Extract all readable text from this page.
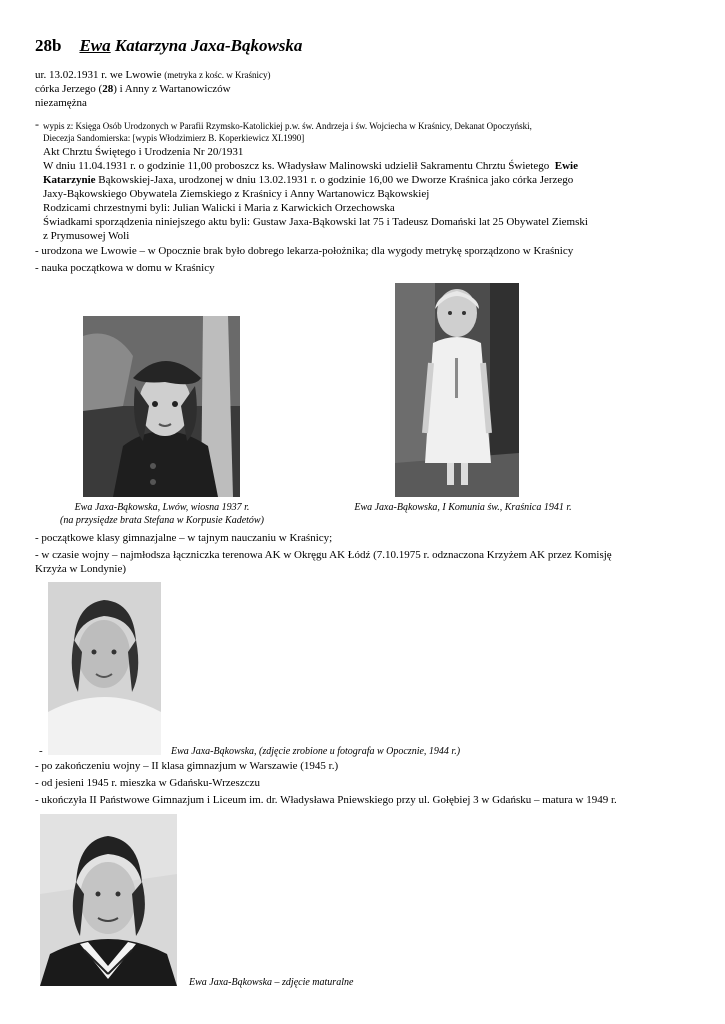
28b Ewa Katarzyna Jaxa-Bąkowska
ur. 13.02.1931 r. we Lwowie (metryka z kośc. w Kraśnicy)
córka Jerzego (28) i Anny z Wartanowiczów
niezamężna
- wypis z: Księga Osób Urodzonych w Parafii Rzymsko-Katolickiej p.w. św. Andrzeja i św. Wojciecha w Kraśnicy, Dekanat Opoczyński,
Diecezja Sandomierska: [wypis Włodzimierz B. Koperkiewicz XI.1990]
Akt Chrztu Świętego i Urodzenia Nr 20/1931
W dniu 11.04.1931 r. o godzinie 11,00 proboszcz ks. Władysław Malinowski udzielił Sakramentu Chrztu Świetego Ewie
Katarzynie Bąkowskiej-Jaxa, urodzonej w dniu 13.02.1931 r. o godzinie 16,00 we Dworze Kraśnica jako córka Jerzego
Jaxy-Bąkowskiego Obywatela Ziemskiego z Kraśnicy i Anny Wartanowicz Bąkowskiej
Rodzicami chrzestnymi byli: Julian Walicki i Maria z Karwickich Orzechowska
Świadkami sporządzenia niniejszego aktu byli: Gustaw Jaxa-Bąkowski lat 75 i Tadeusz Domański lat 25 Obywatel Ziemski
z Prymusowej Woli
- urodzona we Lwowie – w Opocznie brak było dobrego lekarza-położnika; dla wygody metrykę sporządzono w Kraśnicy
- nauka początkowa w domu w Kraśnicy
Ewa Jaxa-Bąkowska, Lwów, wiosna 1937 r.
(na przysiędze brata Stefana w Korpusie Kadetów)
Ewa Jaxa-Bąkowska, I Komunia św., Kraśnica 1941 r.
- początkowe klasy gimnazjalne – w tajnym nauczaniu w Kraśnicy;
- w czasie wojny – najmłodsza łączniczka terenowa AK w Okręgu AK Łódź (7.10.1975 r. odznaczona Krzyżem AK przez Komisję
Krzyża w Londynie)
-	Ewa Jaxa-Bąkowska, (zdjęcie zrobione u fotografa w Opocznie, 1944 r.)
- po zakończeniu wojny – II klasa gimnazjum w Warszawie (1945 r.)
- od jesieni 1945 r. mieszka w Gdańsku-Wrzeszczu
- ukończyła II Państwowe Gimnazjum i Liceum im. dr. Władysława Pniewskiego przy ul. Gołębiej 3 w Gdańsku – matura w 1949 r.
Ewa Jaxa-Bąkowska – zdjęcie maturalne
